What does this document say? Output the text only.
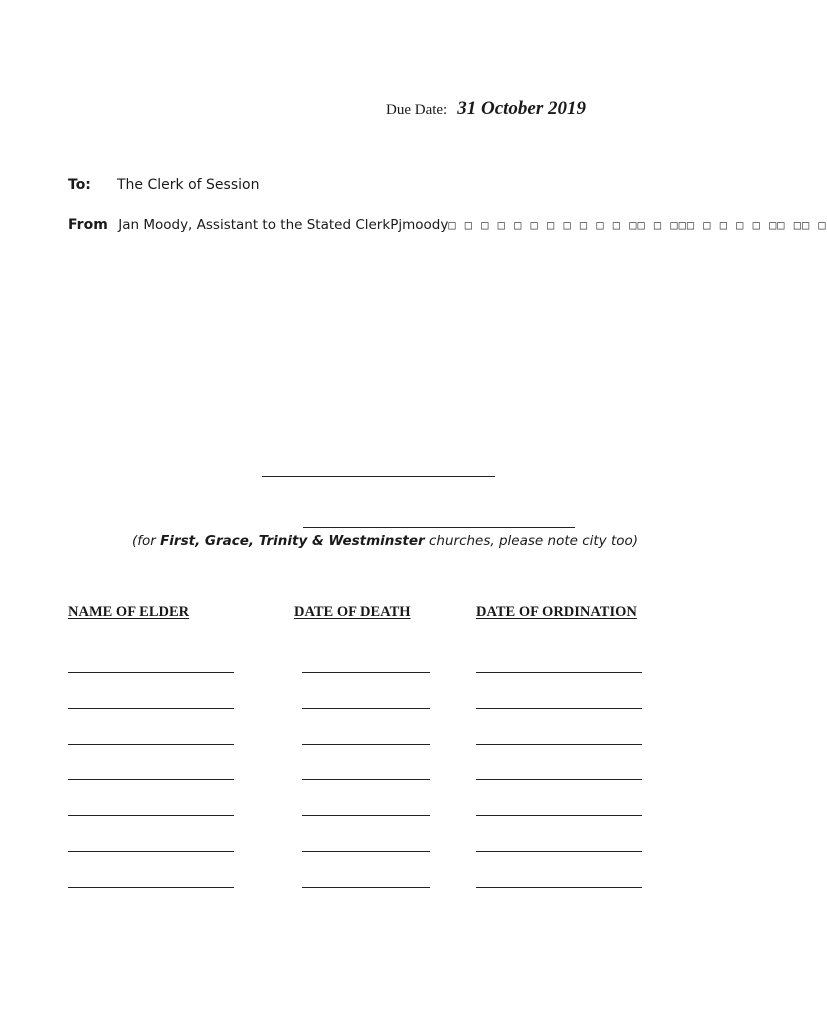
Due Date: 31 October 2019
To: The Clerk of Session
From Jan Moody, Assistant to the Stated ClerkPjmoody□ □ □ □ □ □ □ □ □ □ □ □□ □ □□□ □ □ □ □ □□ □□ □
(for First, Grace, Trinity & Westminster churches, please note city too)
NAME OF ELDER	DATE OF DEATH	DATE OF ORDINATION
